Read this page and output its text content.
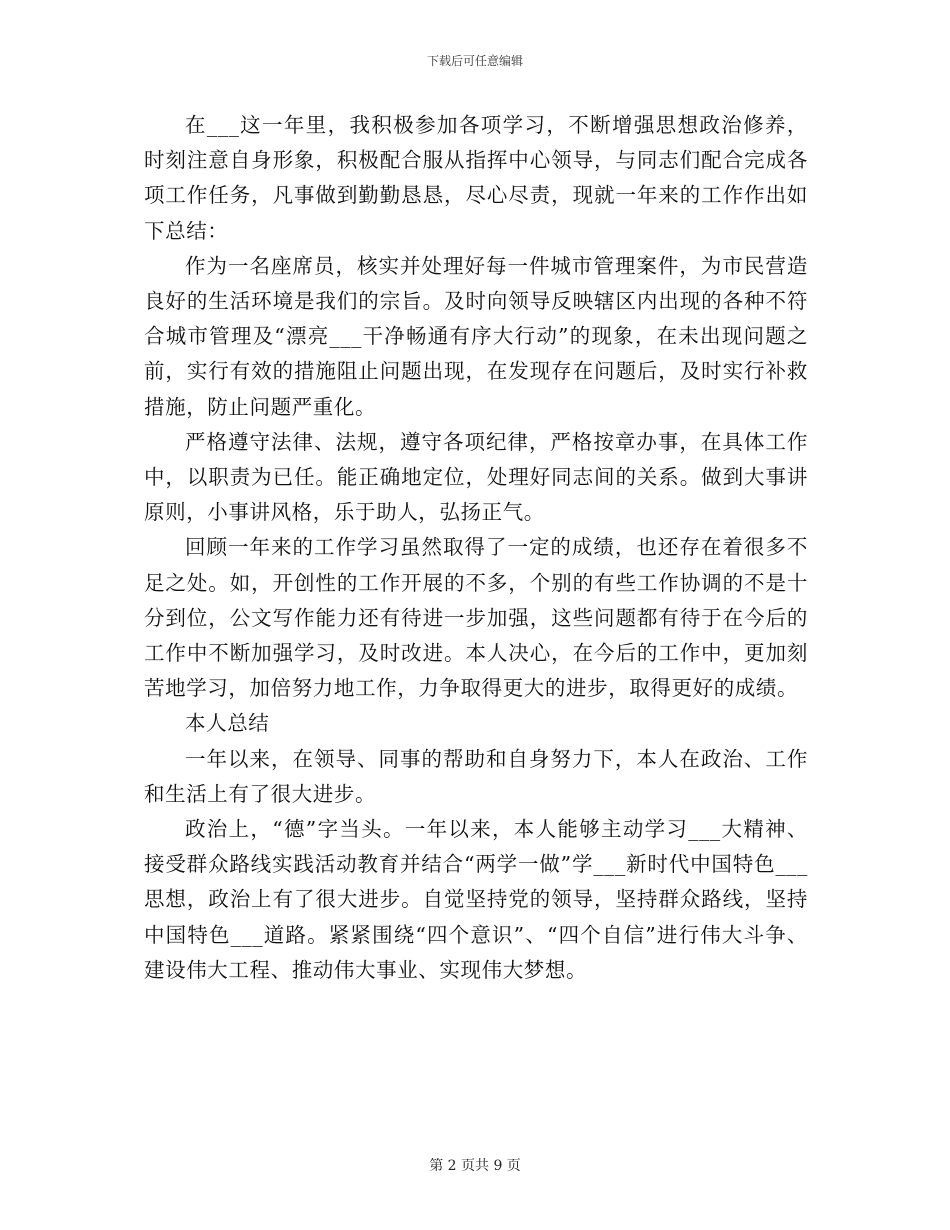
下载后可任意编辑

在___这一年里，我积极参加各项学习，不断增强思想政治修养，时刻注意自身形象，积极配合服从指挥中心领导，与同志们配合完成各项工作任务，凡事做到勤勤恳恳，尽心尽责，现就一年来的工作作出如下总结：

作为一名座席员，核实并处理好每一件城市管理案件，为市民营造良好的生活环境是我们的宗旨。及时向领导反映辖区内出现的各种不符合城市管理及“漂亮___干净畅通有序大行动”的现象，在未出现问题之前，实行有效的措施阻止问题出现，在发现存在问题后，及时实行补救措施，防止问题严重化。

严格遵守法律、法规，遵守各项纪律，严格按章办事，在具体工作中，以职责为已任。能正确地定位，处理好同志间的关系。做到大事讲原则，小事讲风格，乐于助人，弘扬正气。

回顾一年来的工作学习虽然取得了一定的成绩，也还存在着很多不足之处。如，开创性的工作开展的不多，个别的有些工作协调的不是十分到位，公文写作能力还有待进一步加强，这些问题都有待于在今后的工作中不断加强学习，及时改进。本人决心，在今后的工作中，更加刻苦地学习，加倍努力地工作，力争取得更大的进步，取得更好的成绩。

本人总结

一年以来，在领导、同事的帮助和自身努力下，本人在政治、工作和生活上有了很大进步。

政治上，“德”字当头。一年以来，本人能够主动学习___大精神、接受群众路线实践活动教育并结合“两学一做”学___新时代中国特色___思想，政治上有了很大进步。自觉坚持党的领导，坚持群众路线，坚持中国特色___道路。紧紧围绕“四个意识”、“四个自信”进行伟大斗争、建设伟大工程、推动伟大事业、实现伟大梦想。

第 2 页共 9 页
